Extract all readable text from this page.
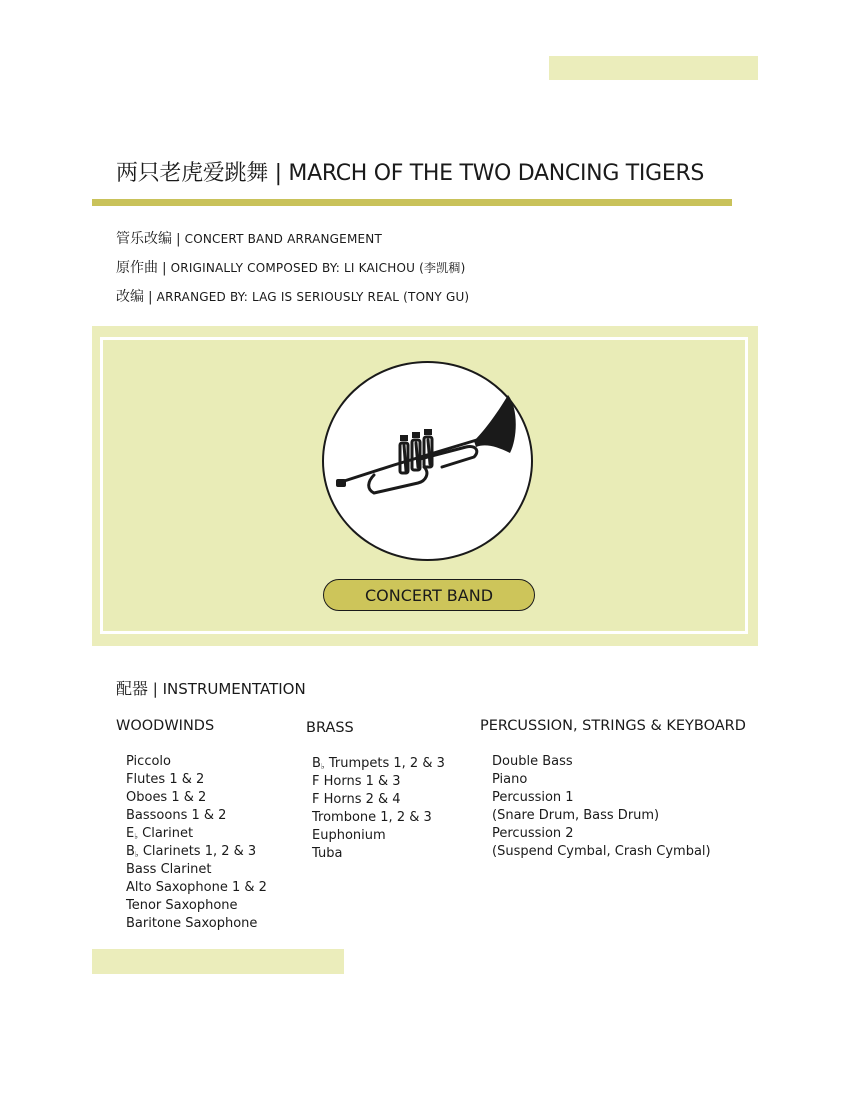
两只老虎爱跳舞 | MARCH OF THE TWO DANCING TIGERS
管乐改编 | CONCERT BAND ARRANGEMENT
原作曲 | ORIGINALLY COMPOSED BY: LI KAICHOU (李凯稠)
改编 | ARRANGED BY: LAG IS SERIOUSLY REAL (TONY GU)
CONCERT BAND
配器 | INSTRUMENTATION
WOODWINDS	BRASS	PERCUSSION, STRINGS & KEYBOARD
Piccolo
Flutes 1 & 2
Oboes 1 & 2
Bassoons 1 & 2
$E_♭$ Clarinet
$B_♭$ Clarinets 1, 2 & 3
Bass Clarinet
Alto Saxophone 1 & 2
Tenor Saxophone
Baritone Saxophone
$B_♭$ Trumpets 1, 2 & 3
F Horns 1 & 3
F Horns 2 & 4
Trombone 1, 2 & 3
Euphonium
Tuba
Double Bass
Piano
Percussion 1
(Snare Drum, Bass Drum)
Percussion 2
(Suspend Cymbal, Crash Cymbal)
